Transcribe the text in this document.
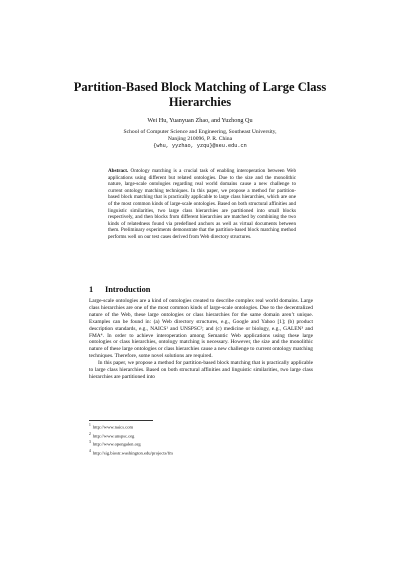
Partition-Based Block Matching of Large Class Hierarchies
Wei Hu, Yuanyuan Zhao, and Yuzhong Qu
School of Computer Science and Engineering, Southeast University,
Nanjing 210096, P. R. China
{whu, yyzhao, yzqu}@seu.edu.cn
Abstract. Ontology matching is a crucial task of enabling interoperation between Web applications using different but related ontologies. Due to the size and the monolithic nature, large-scale ontologies regarding real world domains cause a new challenge to current ontology matching techniques. In this paper, we propose a method for partition-based block matching that is practically applicable to large class hierarchies, which are one of the most common kinds of large-scale ontologies. Based on both structural affinities and linguistic similarities, two large class hierarchies are partitioned into small blocks respectively, and then blocks from different hierarchies are matched by combining the two kinds of relatedness found via predefined anchors as well as virtual documents between them. Preliminary experiments demonstrate that the partition-based block matching method performs well on our test cases derived from Web directory structures.
1 Introduction

Large-scale ontologies are a kind of ontologies created to describe complex real world domains. Large class hierarchies are one of the most common kinds of large-scale ontologies. Due to the decentralized nature of the Web, these large ontologies or class hierarchies for the same domain aren’t unique. Examples can be found in: (a) Web directory structures, e.g., Google and Yahoo [1]; (b) product description standards, e.g., NAICS¹ and UNSPSC²; and (c) medicine or biology, e.g., GALEN³ and FMA⁴. In order to achieve interoperation among Semantic Web applications using these large ontologies or class hierarchies, ontology matching is necessary. However, the size and the monolithic nature of these large ontologies or class hierarchies cause a new challenge to current ontology matching techniques. Therefore, some novel solutions are required.

In this paper, we propose a method for partition-based block matching that is practically applicable to large class hierarchies. Based on both structural affinities and linguistic similarities, two large class hierarchies are partitioned into

$^1$ http://www.naics.com
$^2$ http://www.unspsc.org
$^3$ http://www.opengalen.org
$^4$ http://sig.biostr.washington.edu/projects/fm
